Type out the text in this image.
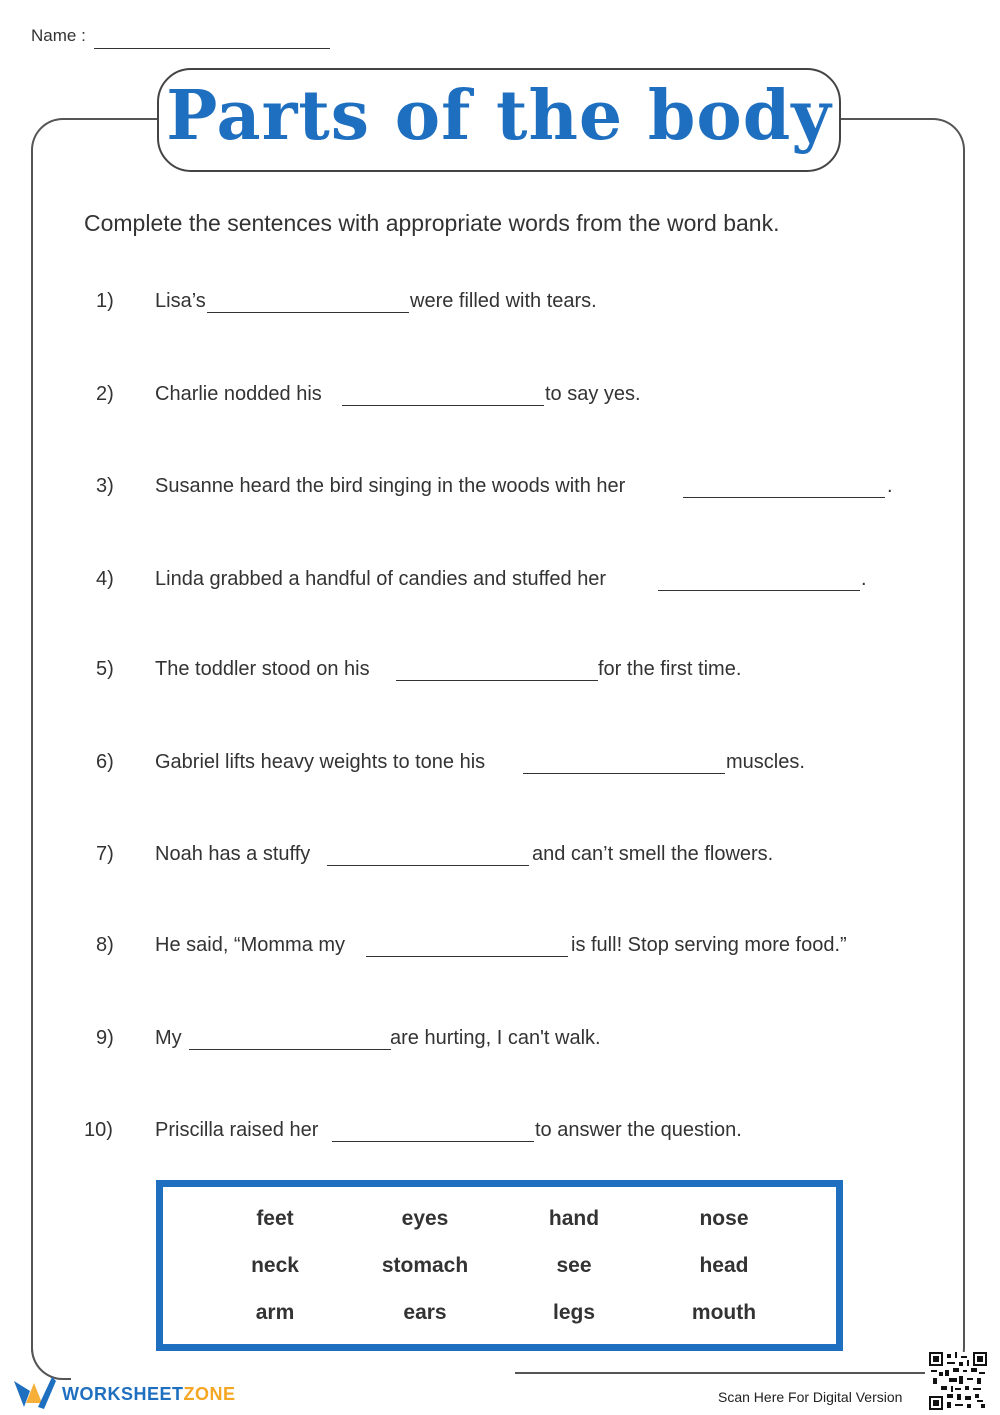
Name :
Parts of the body
Complete the sentences with appropriate words from the word bank.
1) Lisa’s	were filled with tears.
2) Charlie nodded his	to say yes.
3) Susanne heard the bird singing in the woods with her	.
4) Linda grabbed a handful of candies and stuffed her	.
5) The toddler stood on his	for the first time.
6) Gabriel lifts heavy weights to tone his	muscles.
7) Noah has a stuffy	and can’t smell the flowers.
8) He said, “Momma my	is full! Stop serving more food.”
9) My	are hurting, I can't walk.
10) Priscilla raised her	to answer the question.
feet	eyes	hand	nose
neck	stomach	see	head
arm	ears	legs	mouth
WORKSHEETZONE	Scan Here For Digital Version
